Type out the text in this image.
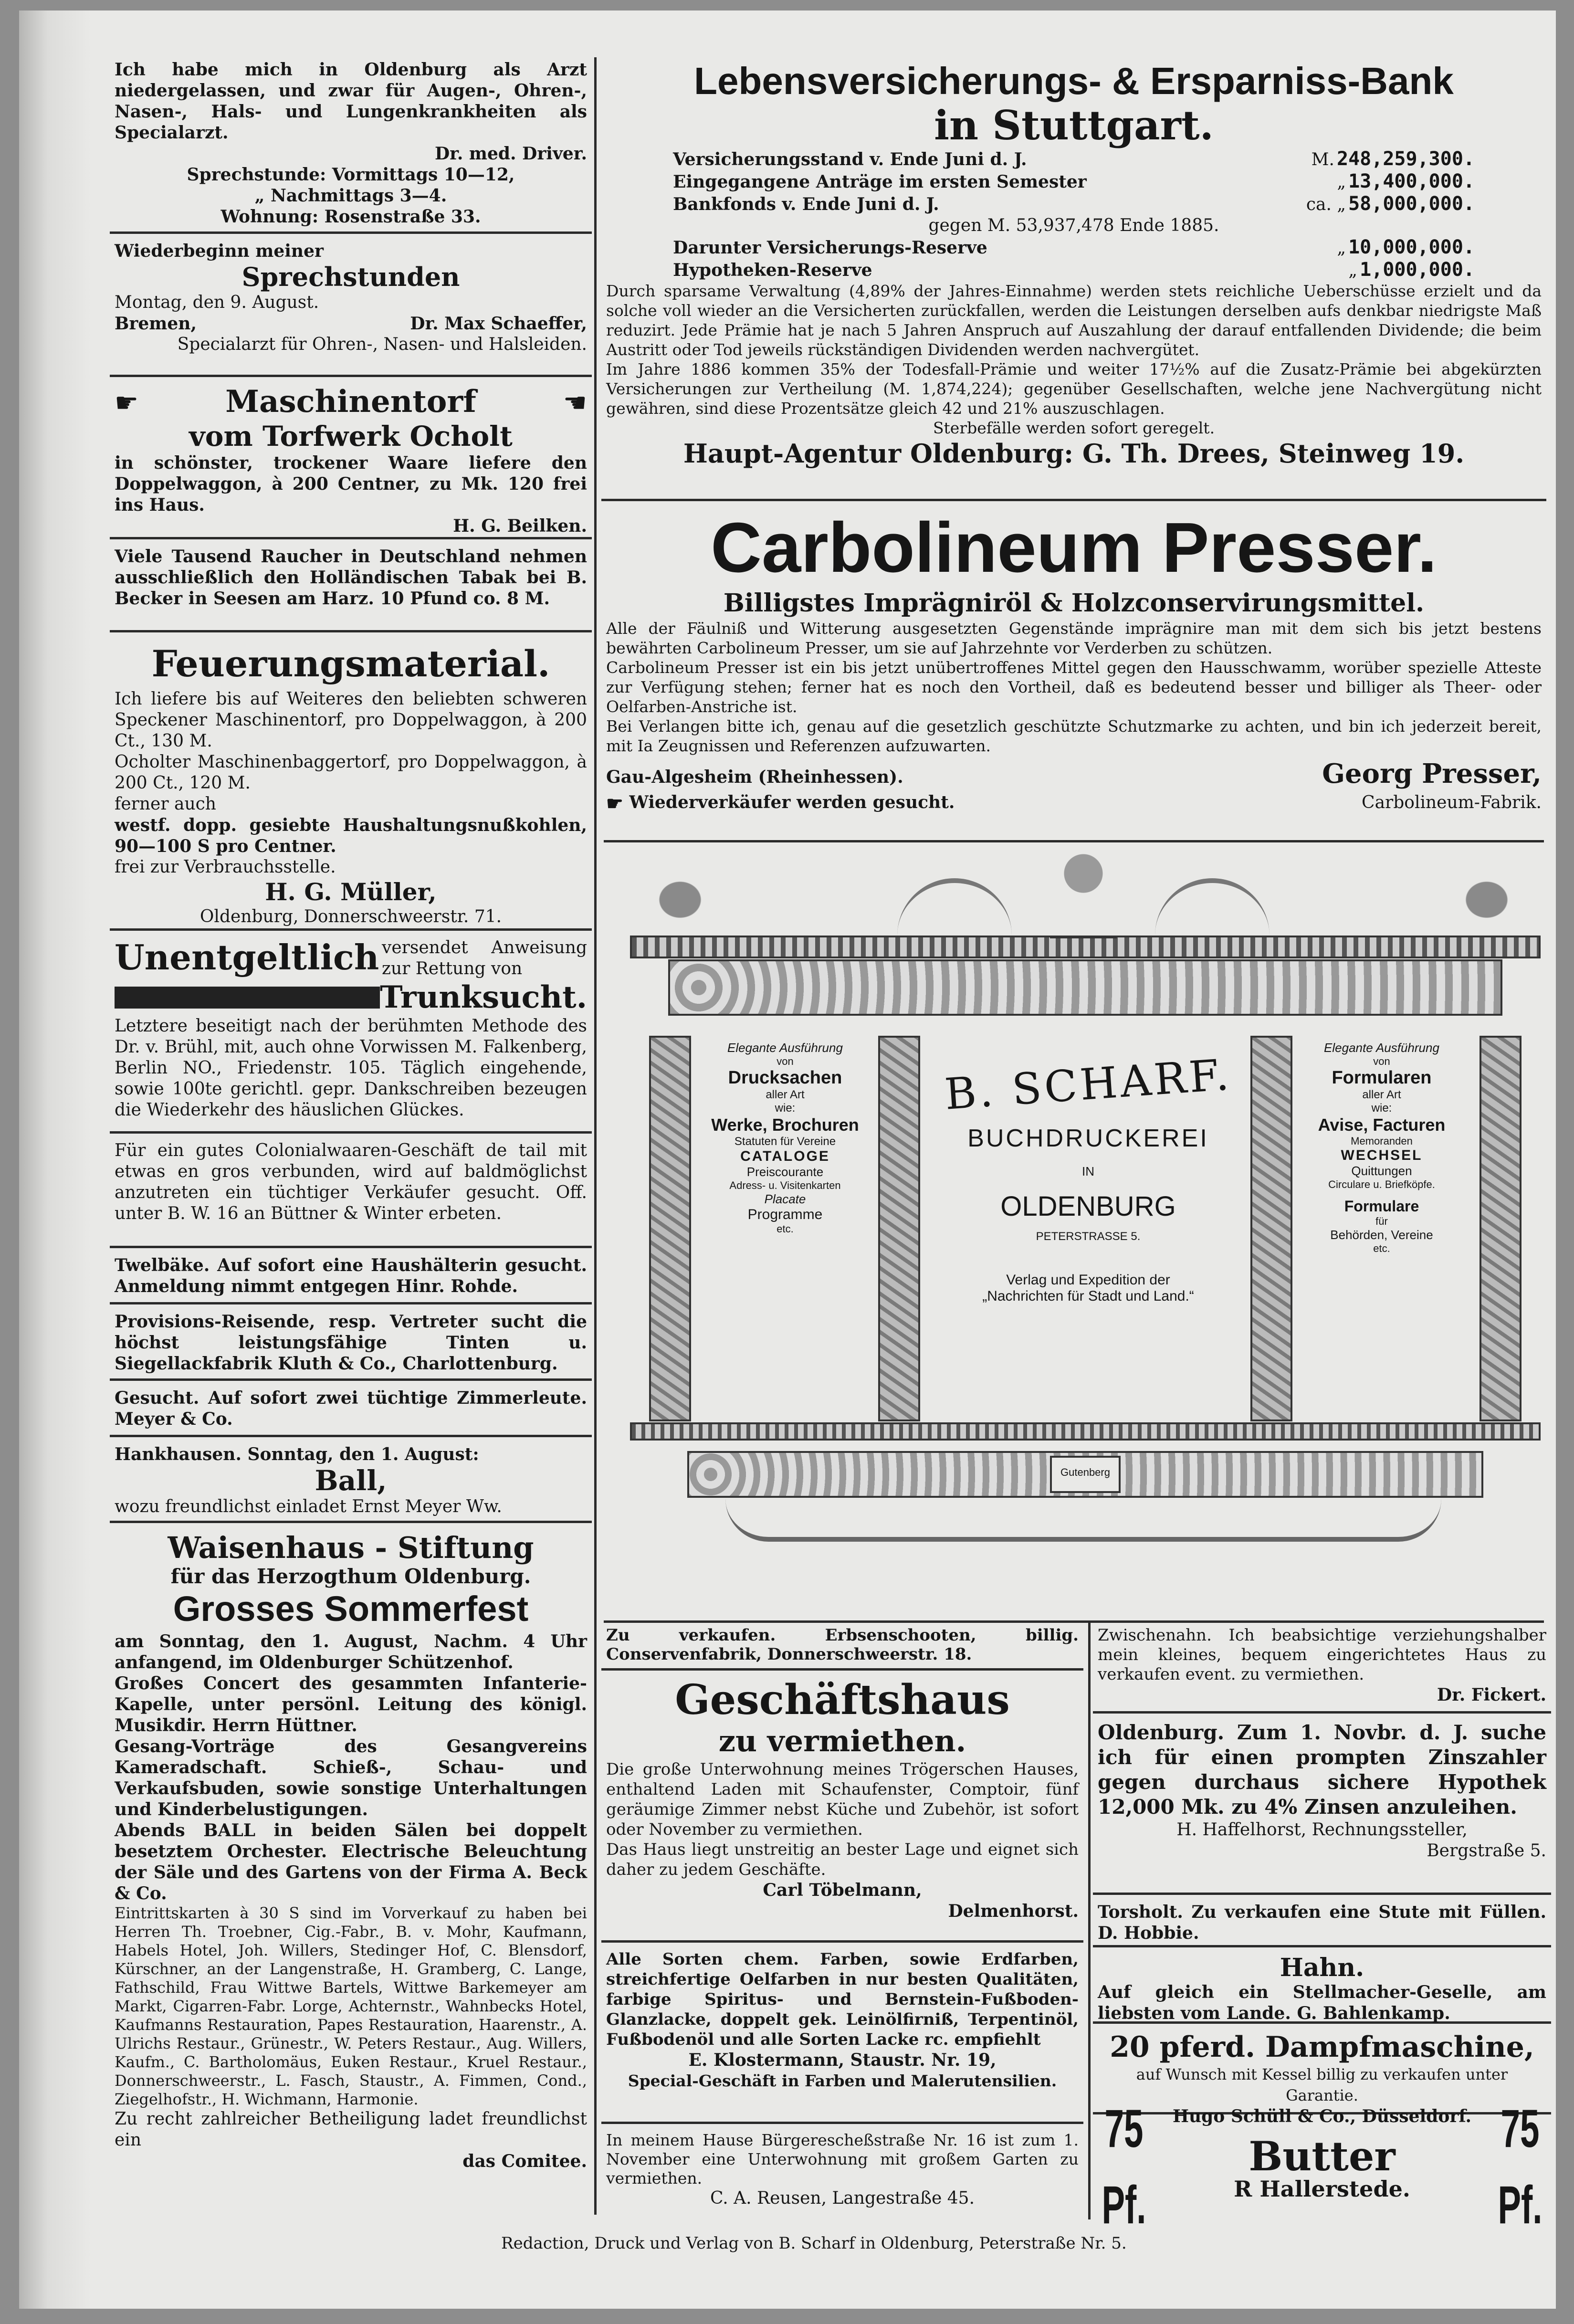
Ich habe mich in Oldenburg als Arzt niedergelassen, und zwar für Augen-, Ohren-, Nasen-, Hals- und Lungenkrankheiten als Specialarzt.

Dr. med. Driver.

Sprechstunde: Vormittags 10—12,

„ Nachmittags 3—4.

Wohnung: Rosenstraße 33.

Wiederbeginn meiner

Sprechstunden

Montag, den 9. August.

Bremen,	Dr. Max Schaeffer,

Specialarzt für Ohren-, Nasen- und Halsleiden.

☛	Maschinentorf	☚

vom Torfwerk Ocholt

in schönster, trockener Waare liefere den Doppelwaggon, à 200 Centner, zu Mk. 120 frei ins Haus.

H. G. Beilken.

Viele Tausend Raucher in Deutschland nehmen ausschließlich den Holländischen Tabak bei B. Becker in Seesen am Harz. 10 Pfund co. 8 M.

Feuerungsmaterial.

Ich liefere bis auf Weiteres den beliebten schweren Speckener Maschinentorf, pro Doppelwaggon, à 200 Ct., 130 M.

Ocholter Maschinenbaggertorf, pro Doppelwaggon, à 200 Ct., 120 M.

ferner auch

westf. dopp. gesiebte Haushaltungsnußkohlen, 90—100 S pro Centner.

frei zur Verbrauchsstelle.

H. G. Müller,

Oldenburg, Donnerschweerstr. 71.

Unentgeltlich versendet Anweisung zur Rettung von
Trunksucht.

Letztere beseitigt nach der berühmten Methode des Dr. v. Brühl, mit, auch ohne Vorwissen M. Falkenberg, Berlin NO., Friedenstr. 105. Täglich eingehende, sowie 100te gerichtl. gepr. Dankschreiben bezeugen die Wiederkehr des häuslichen Glückes.

Für ein gutes Colonialwaaren-Geschäft de tail mit etwas en gros verbunden, wird auf baldmöglichst anzutreten ein tüchtiger Verkäufer gesucht. Off. unter B. W. 16 an Büttner & Winter erbeten.

Twelbäke. Auf sofort eine Haushälterin gesucht. Anmeldung nimmt entgegen Hinr. Rohde.

Provisions-Reisende, resp. Vertreter sucht die höchst leistungsfähige Tinten u. Siegellackfabrik Kluth & Co., Charlottenburg.

Gesucht. Auf sofort zwei tüchtige Zimmerleute. Meyer & Co.

Hankhausen. Sonntag, den 1. August:

Ball,

wozu freundlichst einladet Ernst Meyer Ww.

Waisenhaus - Stiftung

für das Herzogthum Oldenburg.

Grosses Sommerfest

am Sonntag, den 1. August, Nachm. 4 Uhr anfangend, im Oldenburger Schützenhof.

Großes Concert des gesammten Infanterie-Kapelle, unter persönl. Leitung des königl. Musikdir. Herrn Hüttner.

Gesang-Vorträge des Gesangvereins Kameradschaft. Schieß-, Schau- und Verkaufsbuden, sowie sonstige Unterhaltungen und Kinderbelustigungen.

Abends BALL in beiden Sälen bei doppelt besetztem Orchester. Electrische Beleuchtung der Säle und des Gartens von der Firma A. Beck & Co.

Eintrittskarten à 30 S sind im Vorverkauf zu haben bei Herren Th. Troebner, Cig.-Fabr., B. v. Mohr, Kaufmann, Habels Hotel, Joh. Willers, Stedinger Hof, C. Blensdorf, Kürschner, an der Langenstraße, H. Gramberg, C. Lange, Fathschild, Frau Wittwe Bartels, Wittwe Barkemeyer am Markt, Cigarren-Fabr. Lorge, Achternstr., Wahnbecks Hotel, Kaufmanns Restauration, Papes Restauration, Haarenstr., A. Ulrichs Restaur., Grünestr., W. Peters Restaur., Aug. Willers, Kaufm., C. Bartholomäus, Euken Restaur., Kruel Restaur., Donnerschweerstr., L. Fasch, Staustr., A. Fimmen, Cond., Ziegelhofstr., H. Wichmann, Harmonie.

Zu recht zahlreicher Betheiligung ladet freundlichst ein

das Comitee.

Lebensversicherungs- & Ersparniss-Bank

in Stuttgart.

Versicherungsstand v. Ende Juni d. J.	M. 248,259,300.
Eingegangene Anträge im ersten Semester	„ 13,400,000.
Bankfonds v. Ende Juni d. J.	ca. „ 58,000,000.

gegen M. 53,937,478 Ende 1885.

Darunter Versicherungs-Reserve	„ 10,000,000.
Hypotheken-Reserve	„ 1,000,000.

Durch sparsame Verwaltung (4,89% der Jahres-Einnahme) werden stets reichliche Ueberschüsse erzielt und da solche voll wieder an die Versicherten zurückfallen, werden die Leistungen derselben aufs denkbar niedrigste Maß reduzirt. Jede Prämie hat je nach 5 Jahren Anspruch auf Auszahlung der darauf entfallenden Dividende; die beim Austritt oder Tod jeweils rückständigen Dividenden werden nachvergütet.

Im Jahre 1886 kommen 35% der Todesfall-Prämie und weiter 17½% auf die Zusatz-Prämie bei abgekürzten Versicherungen zur Vertheilung (M. 1,874,224); gegenüber Gesellschaften, welche jene Nachvergütung nicht gewähren, sind diese Prozentsätze gleich 42 und 21% auszuschlagen.

Sterbefälle werden sofort geregelt.

Haupt-Agentur Oldenburg: G. Th. Drees, Steinweg 19.

Carbolineum Presser.

Billigstes Imprägniröl & Holzconservirungsmittel.

Alle der Fäulniß und Witterung ausgesetzten Gegenstände imprägnire man mit dem sich bis jetzt bestens bewährten Carbolineum Presser, um sie auf Jahrzehnte vor Verderben zu schützen.

Carbolineum Presser ist ein bis jetzt unübertroffenes Mittel gegen den Hausschwamm, worüber spezielle Atteste zur Verfügung stehen; ferner hat es noch den Vortheil, daß es bedeutend besser und billiger als Theer- oder Oelfarben-Anstriche ist.

Bei Verlangen bitte ich, genau auf die gesetzlich geschützte Schutzmarke zu achten, und bin ich jederzeit bereit, mit Ia Zeugnissen und Referenzen aufzuwarten.

Gau-Algesheim (Rheinhessen).	Georg Presser,
☛ Wiederverkäufer werden gesucht.	Carbolineum-Fabrik.
Elegante Ausführung
von
Drucksachen
aller Art
wie:
Werke, Brochuren
Statuten für Vereine
CATALOGE
Preiscourante
Adress- u. Visitenkarten
Placate
Programme
etc.
B. SCHARF.
BUCHDRUCKEREI
IN
OLDENBURG
PETERSTRASSE 5.
Verlag und Expedition der „Nachrichten für Stadt und Land.“
Elegante Ausführung
von
Formularen
aller Art
wie:
Avise, Facturen
Memoranden
WECHSEL
Quittungen
Circulare u. Briefköpfe.
Formulare
für
Behörden, Vereine
etc.
Gutenberg

Zu verkaufen. Erbsenschooten, billig. Conservenfabrik, Donnerschweerstr. 18.

Geschäftshaus

zu vermiethen.

Die große Unterwohnung meines Trögerschen Hauses, enthaltend Laden mit Schaufenster, Comptoir, fünf geräumige Zimmer nebst Küche und Zubehör, ist sofort oder November zu vermiethen.

Das Haus liegt unstreitig an bester Lage und eignet sich daher zu jedem Geschäfte.

Carl Töbelmann,

Delmenhorst.

Alle Sorten chem. Farben, sowie Erdfarben, streichfertige Oelfarben in nur besten Qualitäten, farbige Spiritus- und Bernstein-Fußboden-Glanzlacke, doppelt gek. Leinölfirniß, Terpentinöl, Fußbodenöl und alle Sorten Lacke rc. empfiehlt

E. Klostermann, Staustr. Nr. 19,

Special-Geschäft in Farben und Malerutensilien.

In meinem Hause Bürgerescheßstraße Nr. 16 ist zum 1. November eine Unterwohnung mit großem Garten zu vermiethen.

C. A. Reusen, Langestraße 45.

Zwischenahn. Ich beabsichtige verziehungshalber mein kleines, bequem eingerichtetes Haus zu verkaufen event. zu vermiethen.

Dr. Fickert.

Oldenburg. Zum 1. Novbr. d. J. suche ich für einen prompten Zinszahler gegen durchaus sichere Hypothek 12,000 Mk. zu 4% Zinsen anzuleihen.

H. Haffelhorst, Rechnungssteller,

Bergstraße 5.

Torsholt. Zu verkaufen eine Stute mit Füllen. D. Hobbie.

Hahn.

Auf gleich ein Stellmacher-Geselle, am liebsten vom Lande. G. Bahlenkamp.

20 pferd. Dampfmaschine,

auf Wunsch mit Kessel billig zu verkaufen unter Garantie.

Hugo Schüll & Co., Düsseldorf.

75 Pf.
Butter
R Hallerstede.
75 Pf.
Redaction, Druck und Verlag von B. Scharf in Oldenburg, Peterstraße Nr. 5.
